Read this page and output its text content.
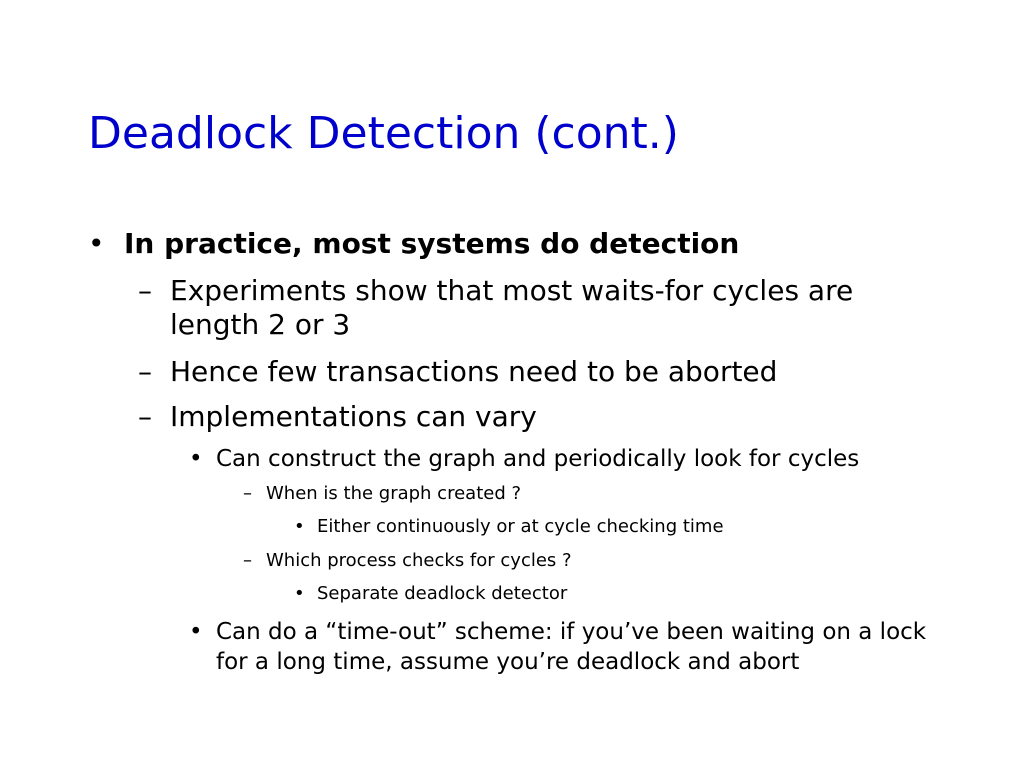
Deadlock Detection (cont.)
• In practice, most systems do detection
– Experiments show that most waits-for cycles are length 2 or 3
– Hence few transactions need to be aborted
– Implementations can vary
• Can construct the graph and periodically look for cycles
– When is the graph created ?
• Either continuously or at cycle checking time
– Which process checks for cycles ?
• Separate deadlock detector
• Can do a “time-out” scheme: if you’ve been waiting on a lock for a long time, assume you’re deadlock and abort
